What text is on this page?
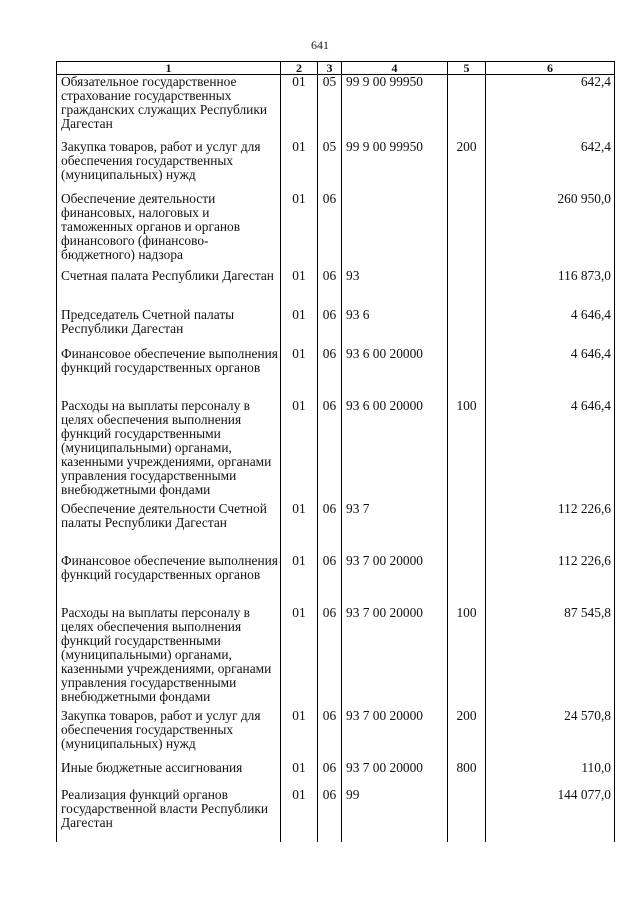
641
1	2	3	4	5	6
Обязательное государственное страхование государственных гражданских служащих Республики Дагестан	01	05	99 9 00 99950		642,4
Закупка товаров, работ и услуг для обеспечения государственных (муниципальных) нужд	01	05	99 9 00 99950	200	642,4
Обеспечение деятельности финансовых, налоговых и таможенных органов и органов финансового (финансово-бюджетного) надзора	01	06			260 950,0
Счетная палата Республики Дагестан	01	06	93		116 873,0
Председатель Счетной палаты Республики Дагестан	01	06	93 6		4 646,4
Финансовое обеспечение выполнения функций государственных органов	01	06	93 6 00 20000		4 646,4
Расходы на выплаты персоналу в целях обеспечения выполнения функций государственными (муниципальными) органами, казенными учреждениями, органами управления государственными внебюджетными фондами	01	06	93 6 00 20000	100	4 646,4
Обеспечение деятельности Счетной палаты Республики Дагестан	01	06	93 7		112 226,6
Финансовое обеспечение выполнения функций государственных органов	01	06	93 7 00 20000		112 226,6
Расходы на выплаты персоналу в целях обеспечения выполнения функций государственными (муниципальными) органами, казенными учреждениями, органами управления государственными внебюджетными фондами	01	06	93 7 00 20000	100	87 545,8
Закупка товаров, работ и услуг для обеспечения государственных (муниципальных) нужд	01	06	93 7 00 20000	200	24 570,8
Иные бюджетные ассигнования	01	06	93 7 00 20000	800	110,0
Реализация функций органов государственной власти Республики Дагестан	01	06	99		144 077,0
